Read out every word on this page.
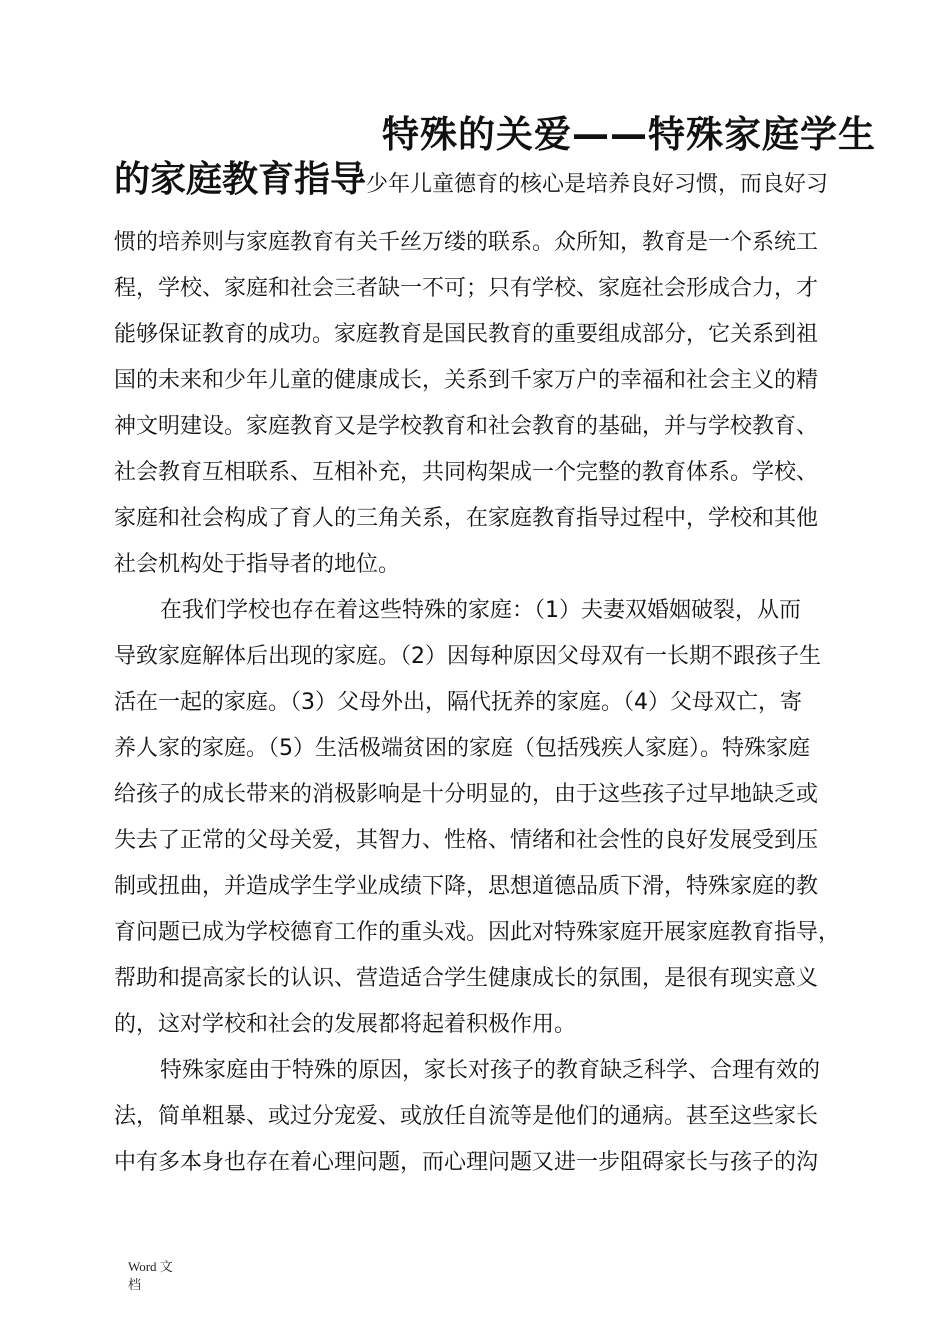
特殊的关爱——特殊家庭学生
的家庭教育指导少年儿童德育的核心是培养良好习惯，而良好习
惯的培养则与家庭教育有关千丝万缕的联系。众所知，教育是一个系统工
程，学校、家庭和社会三者缺一不可；只有学校、家庭社会形成合力，才
能够保证教育的成功。家庭教育是国民教育的重要组成部分，它关系到祖
国的未来和少年儿童的健康成长，关系到千家万户的幸福和社会主义的精
神文明建设。家庭教育又是学校教育和社会教育的基础，并与学校教育、
社会教育互相联系、互相补充，共同构架成一个完整的教育体系。学校、
家庭和社会构成了育人的三角关系，在家庭教育指导过程中，学校和其他
社会机构处于指导者的地位。
在我们学校也存在着这些特殊的家庭：（1）夫妻双婚姻破裂，从而
导致家庭解体后出现的家庭。（2）因每种原因父母双有一长期不跟孩子生
活在一起的家庭。（3）父母外出，隔代抚养的家庭。（4）父母双亡，寄
养人家的家庭。（5）生活极端贫困的家庭（包括残疾人家庭）。特殊家庭
给孩子的成长带来的消极影响是十分明显的，由于这些孩子过早地缺乏或
失去了正常的父母关爱，其智力、性格、情绪和社会性的良好发展受到压
制或扭曲，并造成学生学业成绩下降，思想道德品质下滑，特殊家庭的教
育问题已成为学校德育工作的重头戏。因此对特殊家庭开展家庭教育指导，
帮助和提高家长的认识、营造适合学生健康成长的氛围，是很有现实意义
的，这对学校和社会的发展都将起着积极作用。
特殊家庭由于特殊的原因，家长对孩子的教育缺乏科学、合理有效的
法，简单粗暴、或过分宠爱、或放任自流等是他们的通病。甚至这些家长
中有多本身也存在着心理问题，而心理问题又进一步阻碍家长与孩子的沟
Word 文
档
